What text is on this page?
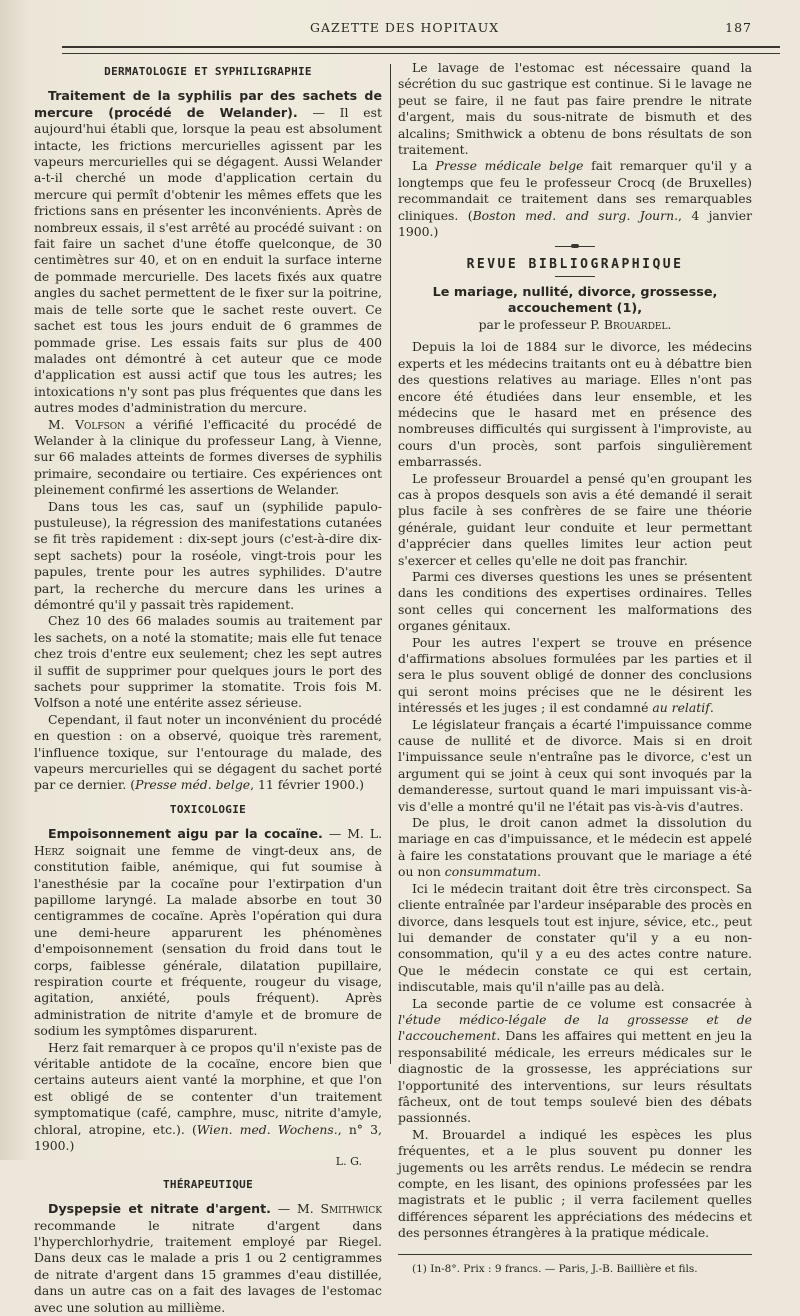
GAZETTE DES HOPITAUX	187
DERMATOLOGIE ET SYPHILIGRAPHIE

Traitement de la syphilis par des sachets de mercure (procédé de Welander). — Il est aujourd'hui établi que, lorsque la peau est absolument intacte, les frictions mercurielles agissent par les vapeurs mercurielles qui se dégagent. Aussi Welander a-t-il cherché un mode d'application certain du mercure qui permît d'obtenir les mêmes effets que les frictions sans en présenter les inconvénients. Après de nombreux essais, il s'est arrêté au procédé suivant : on fait faire un sachet d'une étoffe quelconque, de 30 centimètres sur 40, et on en enduit la surface interne de pommade mercurielle. Des lacets fixés aux quatre angles du sachet permettent de le fixer sur la poitrine, mais de telle sorte que le sachet reste ouvert. Ce sachet est tous les jours enduit de 6 grammes de pommade grise. Les essais faits sur plus de 400 malades ont démontré à cet auteur que ce mode d'application est aussi actif que tous les autres; les intoxications n'y sont pas plus fréquentes que dans les autres modes d'administration du mercure.

M. Volfson a vérifié l'efficacité du procédé de Welander à la clinique du professeur Lang, à Vienne, sur 66 malades atteints de formes diverses de syphilis primaire, secondaire ou tertiaire. Ces expériences ont pleinement confirmé les assertions de Welander.

Dans tous les cas, sauf un (syphilide papulo-pustuleuse), la régression des manifestations cutanées se fit très rapidement : dix-sept jours (c'est-à-dire dix-sept sachets) pour la roséole, vingt-trois pour les papules, trente pour les autres syphilides. D'autre part, la recherche du mercure dans les urines a démontré qu'il y passait très rapidement.

Chez 10 des 66 malades soumis au traitement par les sachets, on a noté la stomatite; mais elle fut tenace chez trois d'entre eux seulement; chez les sept autres il suffit de supprimer pour quelques jours le port des sachets pour supprimer la stomatite. Trois fois M. Volfson a noté une entérite assez sérieuse.

Cependant, il faut noter un inconvénient du procédé en question : on a observé, quoique très rarement, l'influence toxique, sur l'entourage du malade, des vapeurs mercurielles qui se dégagent du sachet porté par ce dernier. (Presse méd. belge, 11 février 1900.)

TOXICOLOGIE

Empoisonnement aigu par la cocaïne. — M. L. Herz soignait une femme de vingt-deux ans, de constitution faible, anémique, qui fut soumise à l'anesthésie par la cocaïne pour l'extirpation d'un papillome laryngé. La malade absorbe en tout 30 centigrammes de cocaïne. Après l'opération qui dura une demi-heure apparurent les phénomènes d'empoisonnement (sensation du froid dans tout le corps, faiblesse générale, dilatation pupillaire, respiration courte et fréquente, rougeur du visage, agitation, anxiété, pouls fréquent). Après administration de nitrite d'amyle et de bromure de sodium les symptômes disparurent.

Herz fait remarquer à ce propos qu'il n'existe pas de véritable antidote de la cocaïne, encore bien que certains auteurs aient vanté la morphine, et que l'on est obligé de se contenter d'un traitement symptomatique (café, camphre, musc, nitrite d'amyle, chloral, atropine, etc.). (Wien. med. Wochens., n° 3, 1900.)

L. G.
THÉRAPEUTIQUE

Dyspepsie et nitrate d'argent. — M. Smithwick recommande le nitrate d'argent dans l'hyperchlorhydrie, traitement employé par Riegel. Dans deux cas le malade a pris 1 ou 2 centigrammes de nitrate d'argent dans 15 grammes d'eau distillée, dans un autre cas on a fait des lavages de l'estomac avec une solution au millième.

Le lavage de l'estomac est nécessaire quand la sécrétion du suc gastrique est continue. Si le lavage ne peut se faire, il ne faut pas faire prendre le nitrate d'argent, mais du sous-nitrate de bismuth et des alcalins; Smithwick a obtenu de bons résultats de son traitement.

La Presse médicale belge fait remarquer qu'il y a longtemps que feu le professeur Crocq (de Bruxelles) recommandait ce traitement dans ses remarquables cliniques. (Boston med. and surg. Journ., 4 janvier 1900.)

REVUE BIBLIOGRAPHIQUE
Le mariage, nullité, divorce, grossesse, accouchement (1),
par le professeur P. Brouardel.

Depuis la loi de 1884 sur le divorce, les médecins experts et les médecins traitants ont eu à débattre bien des questions relatives au mariage. Elles n'ont pas encore été étudiées dans leur ensemble, et les médecins que le hasard met en présence des nombreuses difficultés qui surgissent à l'improviste, au cours d'un procès, sont parfois singulièrement embarrassés.

Le professeur Brouardel a pensé qu'en groupant les cas à propos desquels son avis a été demandé il serait plus facile à ses confrères de se faire une théorie générale, guidant leur conduite et leur permettant d'apprécier dans quelles limites leur action peut s'exercer et celles qu'elle ne doit pas franchir.

Parmi ces diverses questions les unes se présentent dans les conditions des expertises ordinaires. Telles sont celles qui concernent les malformations des organes génitaux.

Pour les autres l'expert se trouve en présence d'affirmations absolues formulées par les parties et il sera le plus souvent obligé de donner des conclusions qui seront moins précises que ne le désirent les intéressés et les juges ; il est condamné au relatif.

Le législateur français a écarté l'impuissance comme cause de nullité et de divorce. Mais si en droit l'impuissance seule n'entraîne pas le divorce, c'est un argument qui se joint à ceux qui sont invoqués par la demanderesse, surtout quand le mari impuissant vis-à-vis d'elle a montré qu'il ne l'était pas vis-à-vis d'autres.

De plus, le droit canon admet la dissolution du mariage en cas d'impuissance, et le médecin est appelé à faire les constatations prouvant que le mariage a été ou non consummatum.

Ici le médecin traitant doit être très circonspect. Sa cliente entraînée par l'ardeur inséparable des procès en divorce, dans lesquels tout est injure, sévice, etc., peut lui demander de constater qu'il y a eu non-consommation, qu'il y a eu des actes contre nature. Que le médecin constate ce qui est certain, indiscutable, mais qu'il n'aille pas au delà.

La seconde partie de ce volume est consacrée à l'étude médico-légale de la grossesse et de l'accouchement. Dans les affaires qui mettent en jeu la responsabilité médicale, les erreurs médicales sur le diagnostic de la grossesse, les appréciations sur l'opportunité des interventions, sur leurs résultats fâcheux, ont de tout temps soulevé bien des débats passionnés.

M. Brouardel a indiqué les espèces les plus fréquentes, et a le plus souvent pu donner les jugements ou les arrêts rendus. Le médecin se rendra compte, en les lisant, des opinions professées par les magistrats et le public ; il verra facilement quelles différences séparent les appréciations des médecins et des personnes étrangères à la pratique médicale.

(1) In-8°. Prix : 9 francs. — Paris, J.-B. Baillière et fils.
